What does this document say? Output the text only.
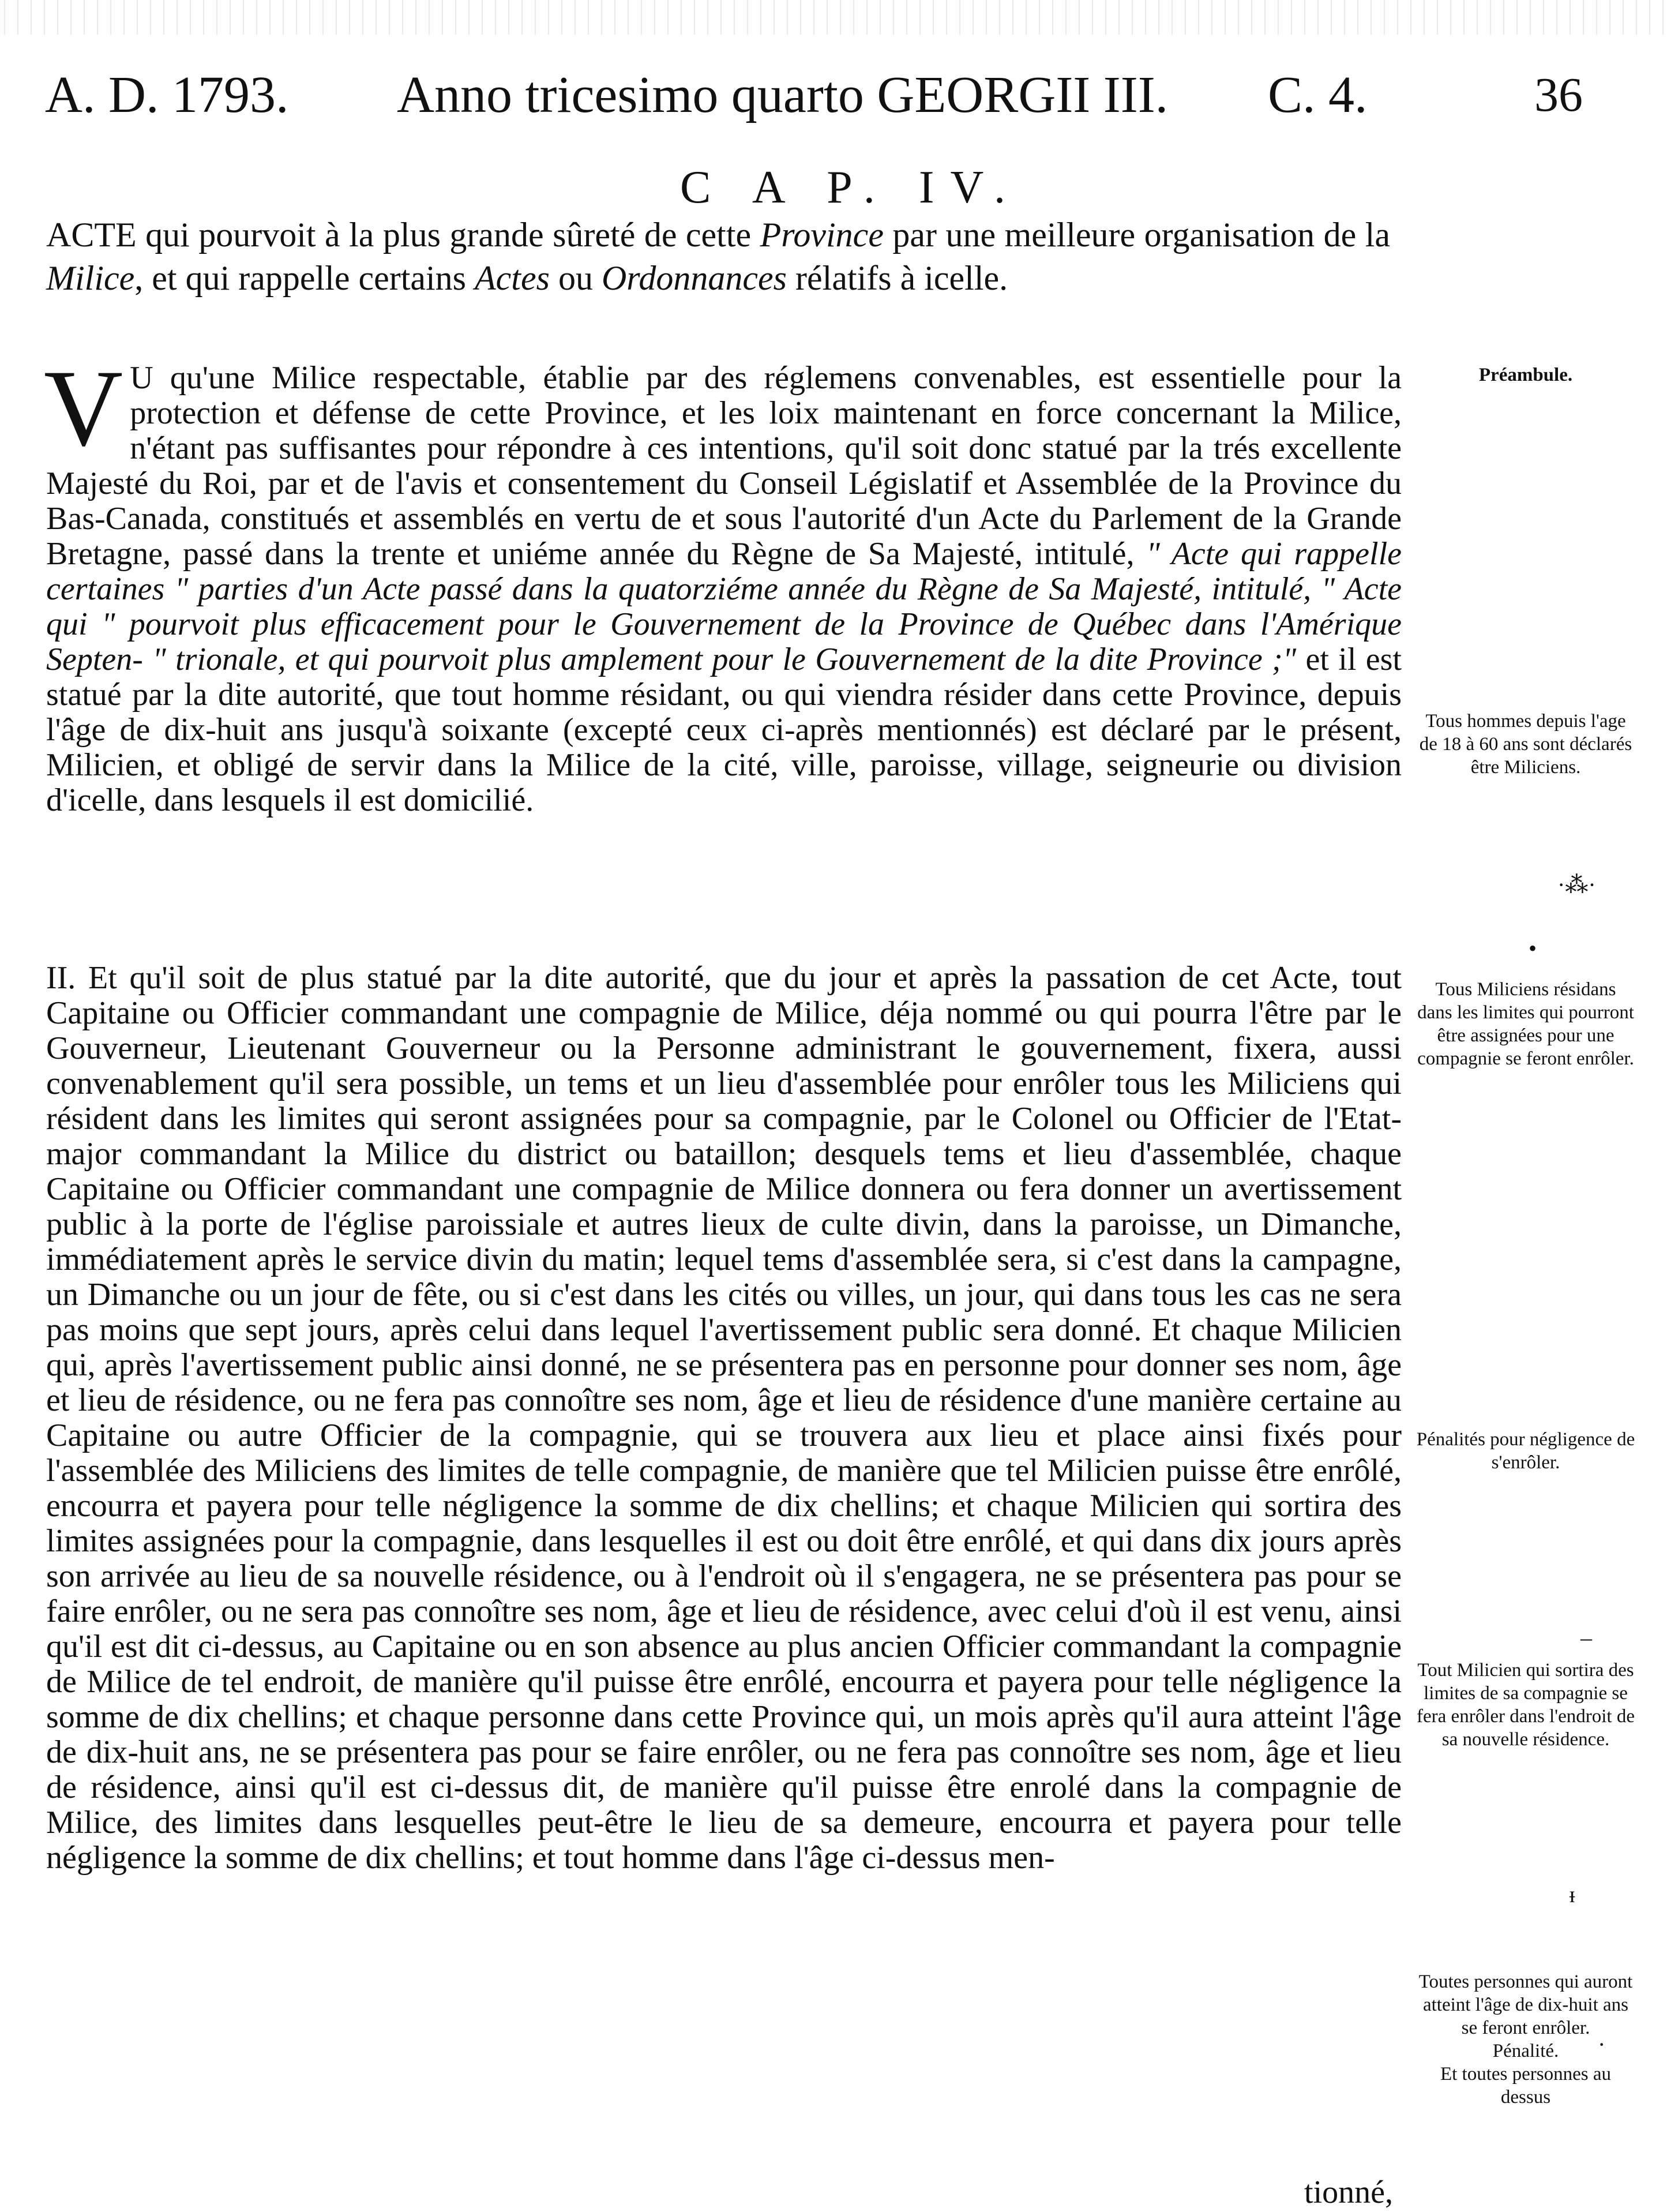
A. D. 1793. Anno tricesimo quarto GEORGII III. C. 4.	36
C A P. IV.
ACTE qui pourvoit à la plus grande sûreté de cette Province par une meilleure organisation de la Milice, et qui rappelle certains Actes ou Ordonnances rélatifs à icelle.
V U qu'une Milice respectable, établie par des réglemens convenables, est essentielle pour la protection et défense de cette Province, et les loix maintenant en force concernant la Milice, n'étant pas suffisantes pour répondre à ces intentions, qu'il soit donc statué par la trés excellente Majesté du Roi, par et de l'avis et consentement du Conseil Législatif et Assemblée de la Province du Bas-Canada, constitués et assemblés en vertu de et sous l'autorité d'un Acte du Parlement de la Grande Bretagne, passé dans la trente et uniéme année du Règne de Sa Majesté, intitulé, " Acte qui rappelle certaines " parties d'un Acte passé dans la quatorziéme année du Règne de Sa Majesté, intitulé, " Acte qui " pourvoit plus efficacement pour le Gouvernement de la Province de Québec dans l'Amérique Septen- " trionale, et qui pourvoit plus amplement pour le Gouvernement de la dite Province ;" et il est statué par la dite autorité, que tout homme résidant, ou qui viendra résider dans cette Province, depuis l'âge de dix-huit ans jusqu'à soixante (excepté ceux ci-après mentionnés) est déclaré par le présent, Milicien, et obligé de servir dans la Milice de la cité, ville, paroisse, village, seigneurie ou division d'icelle, dans lesquels il est domicilié.
II. Et qu'il soit de plus statué par la dite autorité, que du jour et après la passation de cet Acte, tout Capitaine ou Officier commandant une compagnie de Milice, déja nommé ou qui pourra l'être par le Gouverneur, Lieutenant Gouverneur ou la Personne administrant le gouvernement, fixera, aussi convenablement qu'il sera possible, un tems et un lieu d'assemblée pour enrôler tous les Miliciens qui résident dans les limites qui seront assignées pour sa compagnie, par le Colonel ou Officier de l'Etat-major commandant la Milice du district ou bataillon; desquels tems et lieu d'assemblée, chaque Capitaine ou Officier commandant une compagnie de Milice donnera ou fera donner un avertissement public à la porte de l'église paroissiale et autres lieux de culte divin, dans la paroisse, un Dimanche, immédiatement après le service divin du matin; lequel tems d'assemblée sera, si c'est dans la campagne, un Dimanche ou un jour de fête, ou si c'est dans les cités ou villes, un jour, qui dans tous les cas ne sera pas moins que sept jours, après celui dans lequel l'avertissement public sera donné. Et chaque Milicien qui, après l'avertissement public ainsi donné, ne se présentera pas en personne pour donner ses nom, âge et lieu de résidence, ou ne fera pas connoître ses nom, âge et lieu de résidence d'une manière certaine au Capitaine ou autre Officier de la compagnie, qui se trouvera aux lieu et place ainsi fixés pour l'assemblée des Miliciens des limites de telle compagnie, de manière que tel Milicien puisse être enrôlé, encourra et payera pour telle négligence la somme de dix chellins; et chaque Milicien qui sortira des limites assignées pour la compagnie, dans lesquelles il est ou doit être enrôlé, et qui dans dix jours après son arrivée au lieu de sa nouvelle résidence, ou à l'endroit où il s'engagera, ne se présentera pas pour se faire enrôler, ou ne sera pas connoître ses nom, âge et lieu de résidence, avec celui d'où il est venu, ainsi qu'il est dit ci-dessus, au Capitaine ou en son absence au plus ancien Officier commandant la compagnie de Milice de tel endroit, de manière qu'il puisse être enrôlé, encourra et payera pour telle négligence la somme de dix chellins; et chaque personne dans cette Province qui, un mois après qu'il aura atteint l'âge de dix-huit ans, ne se présentera pas pour se faire enrôler, ou ne fera pas connoître ses nom, âge et lieu de résidence, ainsi qu'il est ci-dessus dit, de manière qu'il puisse être enrolé dans la compagnie de Milice, des limites dans lesquelles peut-être le lieu de sa demeure, encourra et payera pour telle négligence la somme de dix chellins; et tout homme dans l'âge ci-dessus men-
tionné,
Préambule.
Tous hommes depuis l'age de 18 à 60 ans sont déclarés être Miliciens.
Tous Miliciens résidans dans les limites qui pourront être assignées pour une compagnie se feront enrôler.
Pénalités pour négligence de s'enrôler.
Tout Milicien qui sortira des limites de sa compagnie se fera enrôler dans l'endroit de sa nouvelle résidence.
Toutes personnes qui auront atteint l'âge de dix-huit ans se feront enrôler.
Pénalité.
Et toutes personnes au dessus
·⁂·
•
–
ᵻ
·
